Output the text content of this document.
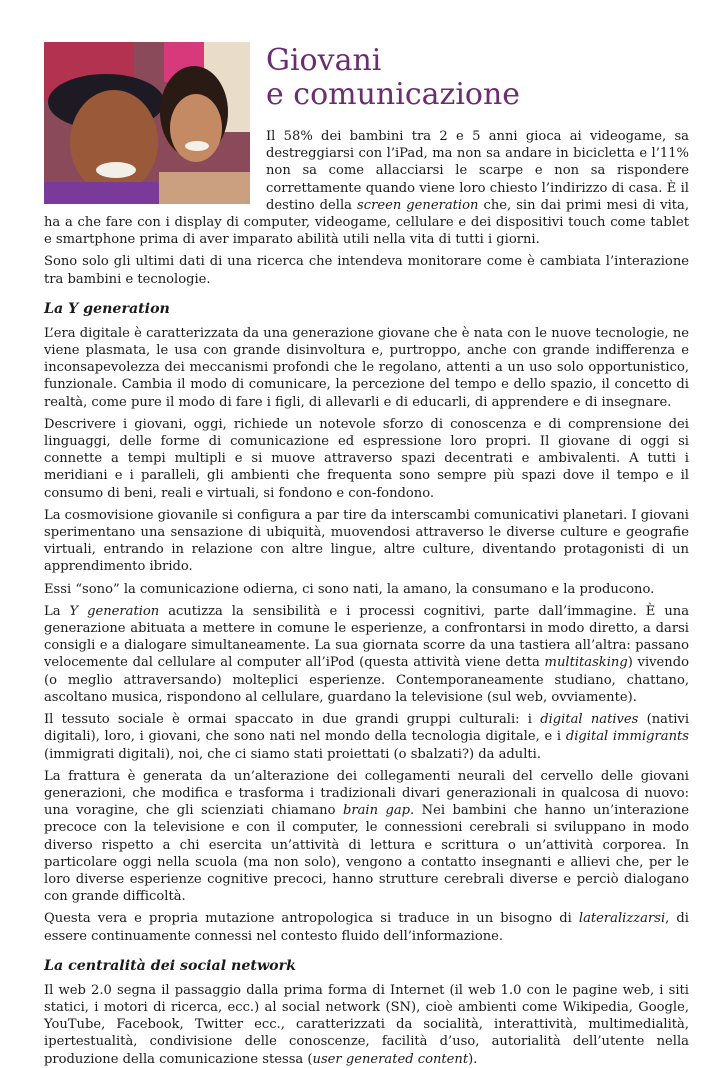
Giovani
e comunicazione

Il 58% dei bambini tra 2 e 5 anni gioca ai videogame, sa destreggiarsi con l’iPad, ma non sa andare in bicicletta e l’11% non sa come allacciarsi le scarpe e non sa rispondere correttamente quando viene loro chiesto l’indirizzo di casa. È il destino della screen generation che, sin dai primi mesi di vita, ha a che fare con i display di computer, videogame, cellulare e dei dispositivi touch come tablet e smartphone prima di aver imparato abilità utili nella vita di tutti i giorni.

Sono solo gli ultimi dati di una ricerca che intendeva monitorare come è cambiata l’interazione tra bambini e tecnologie.

La Y generation

L’era digitale è caratterizzata da una generazione giovane che è nata con le nuove tecnologie, ne viene plasmata, le usa con grande disinvoltura e, purtroppo, anche con grande indifferenza e inconsapevolezza dei meccanismi profondi che le regolano, attenti a un uso solo opportunistico, funzionale. Cambia il modo di comunicare, la percezione del tempo e dello spazio, il concetto di realtà, come pure il modo di fare i figli, di allevarli e di educarli, di apprendere e di insegnare.

Descrivere i giovani, oggi, richiede un notevole sforzo di conoscenza e di comprensione dei linguaggi, delle forme di comunicazione ed espressione loro propri. Il giovane di oggi si connette a tempi multipli e si muove attraverso spazi decentrati e ambivalenti. A tutti i meridiani e i paralleli, gli ambienti che frequenta sono sempre più spazi dove il tempo e il consumo di beni, reali e virtuali, si fondono e con-fondono.

La cosmovisione giovanile si configura a par tire da interscambi comunicativi planetari. I giovani sperimentano una sensazione di ubiquità, muovendosi attraverso le diverse culture e geografie virtuali, entrando in relazione con altre lingue, altre culture, diventando protagonisti di un apprendimento ibrido.

Essi “sono” la comunicazione odierna, ci sono nati, la amano, la consumano e la producono.

La Y generation acutizza la sensibilità e i processi cognitivi, parte dall’immagine. È una generazione abituata a mettere in comune le esperienze, a confrontarsi in modo diretto, a darsi consigli e a dialogare simultaneamente. La sua giornata scorre da una tastiera all’altra: passano velocemente dal cellulare al computer all’iPod (questa attività viene detta multitasking) vivendo (o meglio attraversando) molteplici esperienze. Contemporaneamente studiano, chattano, ascoltano musica, rispondono al cellulare, guardano la televisione (sul web, ovviamente).

Il tessuto sociale è ormai spaccato in due grandi gruppi culturali: i digital natives (nativi digitali), loro, i giovani, che sono nati nel mondo della tecnologia digitale, e i digital immigrants (immigrati digitali), noi, che ci siamo stati proiettati (o sbalzati?) da adulti.

La frattura è generata da un’alterazione dei collegamenti neurali del cervello delle giovani generazioni, che modifica e trasforma i tradizionali divari generazionali in qualcosa di nuovo: una voragine, che gli scienziati chiamano brain gap. Nei bambini che hanno un’interazione precoce con la televisione e con il computer, le connessioni cerebrali si sviluppano in modo diverso rispetto a chi esercita un’attività di lettura e scrittura o un’attività corporea. In particolare oggi nella scuola (ma non solo), vengono a contatto insegnanti e allievi che, per le loro diverse esperienze cognitive precoci, hanno strutture cerebrali diverse e perciò dialogano con grande difficoltà.

Questa vera e propria mutazione antropologica si traduce in un bisogno di lateralizzarsi, di essere continuamente connessi nel contesto fluido dell’informazione.

La centralità dei social network

Il web 2.0 segna il passaggio dalla prima forma di Internet (il web 1.0 con le pagine web, i siti statici, i motori di ricerca, ecc.) al social network (SN), cioè ambienti come Wikipedia, Google, YouTube, Facebook, Twitter ecc., caratterizzati da socialità, interattività, multimedialità, ipertestualità, condivisione delle conoscenze, facilità d’uso, autorialità dell’utente nella produzione della comunicazione stessa (user generated content).
